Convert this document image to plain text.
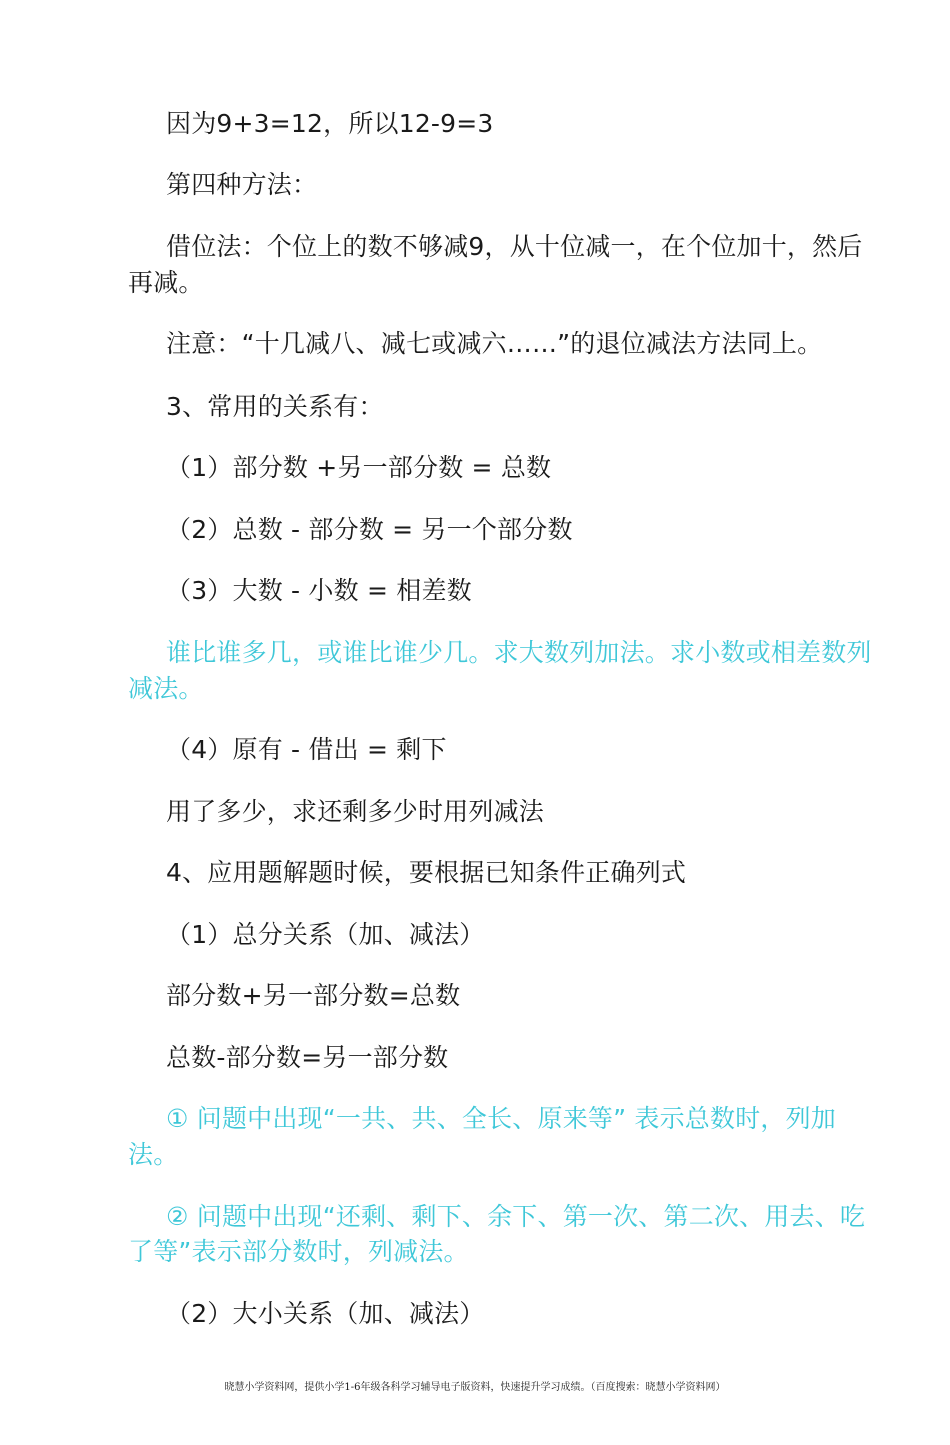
因为9+3=12，所以12-9=3
第四种方法：
借位法：个位上的数不够减9，从十位减一，在个位加十，然后
再减。
注意：“十几减八、减七或减六……”的退位减法方法同上。
3、常用的关系有：
（1）部分数 +另一部分数 = 总数
（2）总数 - 部分数 = 另一个部分数
（3）大数 - 小数 = 相差数
谁比谁多几，或谁比谁少几。求大数列加法。求小数或相差数列
减法。
（4）原有 - 借出 = 剩下
用了多少，求还剩多少时用列减法
4、应用题解题时候，要根据已知条件正确列式
（1）总分关系（加、减法）
部分数+另一部分数=总数
总数-部分数=另一部分数
① 问题中出现“一共、共、全长、原来等” 表示总数时，列加
法。
② 问题中出现“还剩、剩下、余下、第一次、第二次、用去、吃
了等”表示部分数时，列减法。
（2）大小关系（加、减法）
晓慧小学资料网，提供小学1-6年级各科学习辅导电子版资料，快速提升学习成绩。（百度搜索：晓慧小学资料网）
